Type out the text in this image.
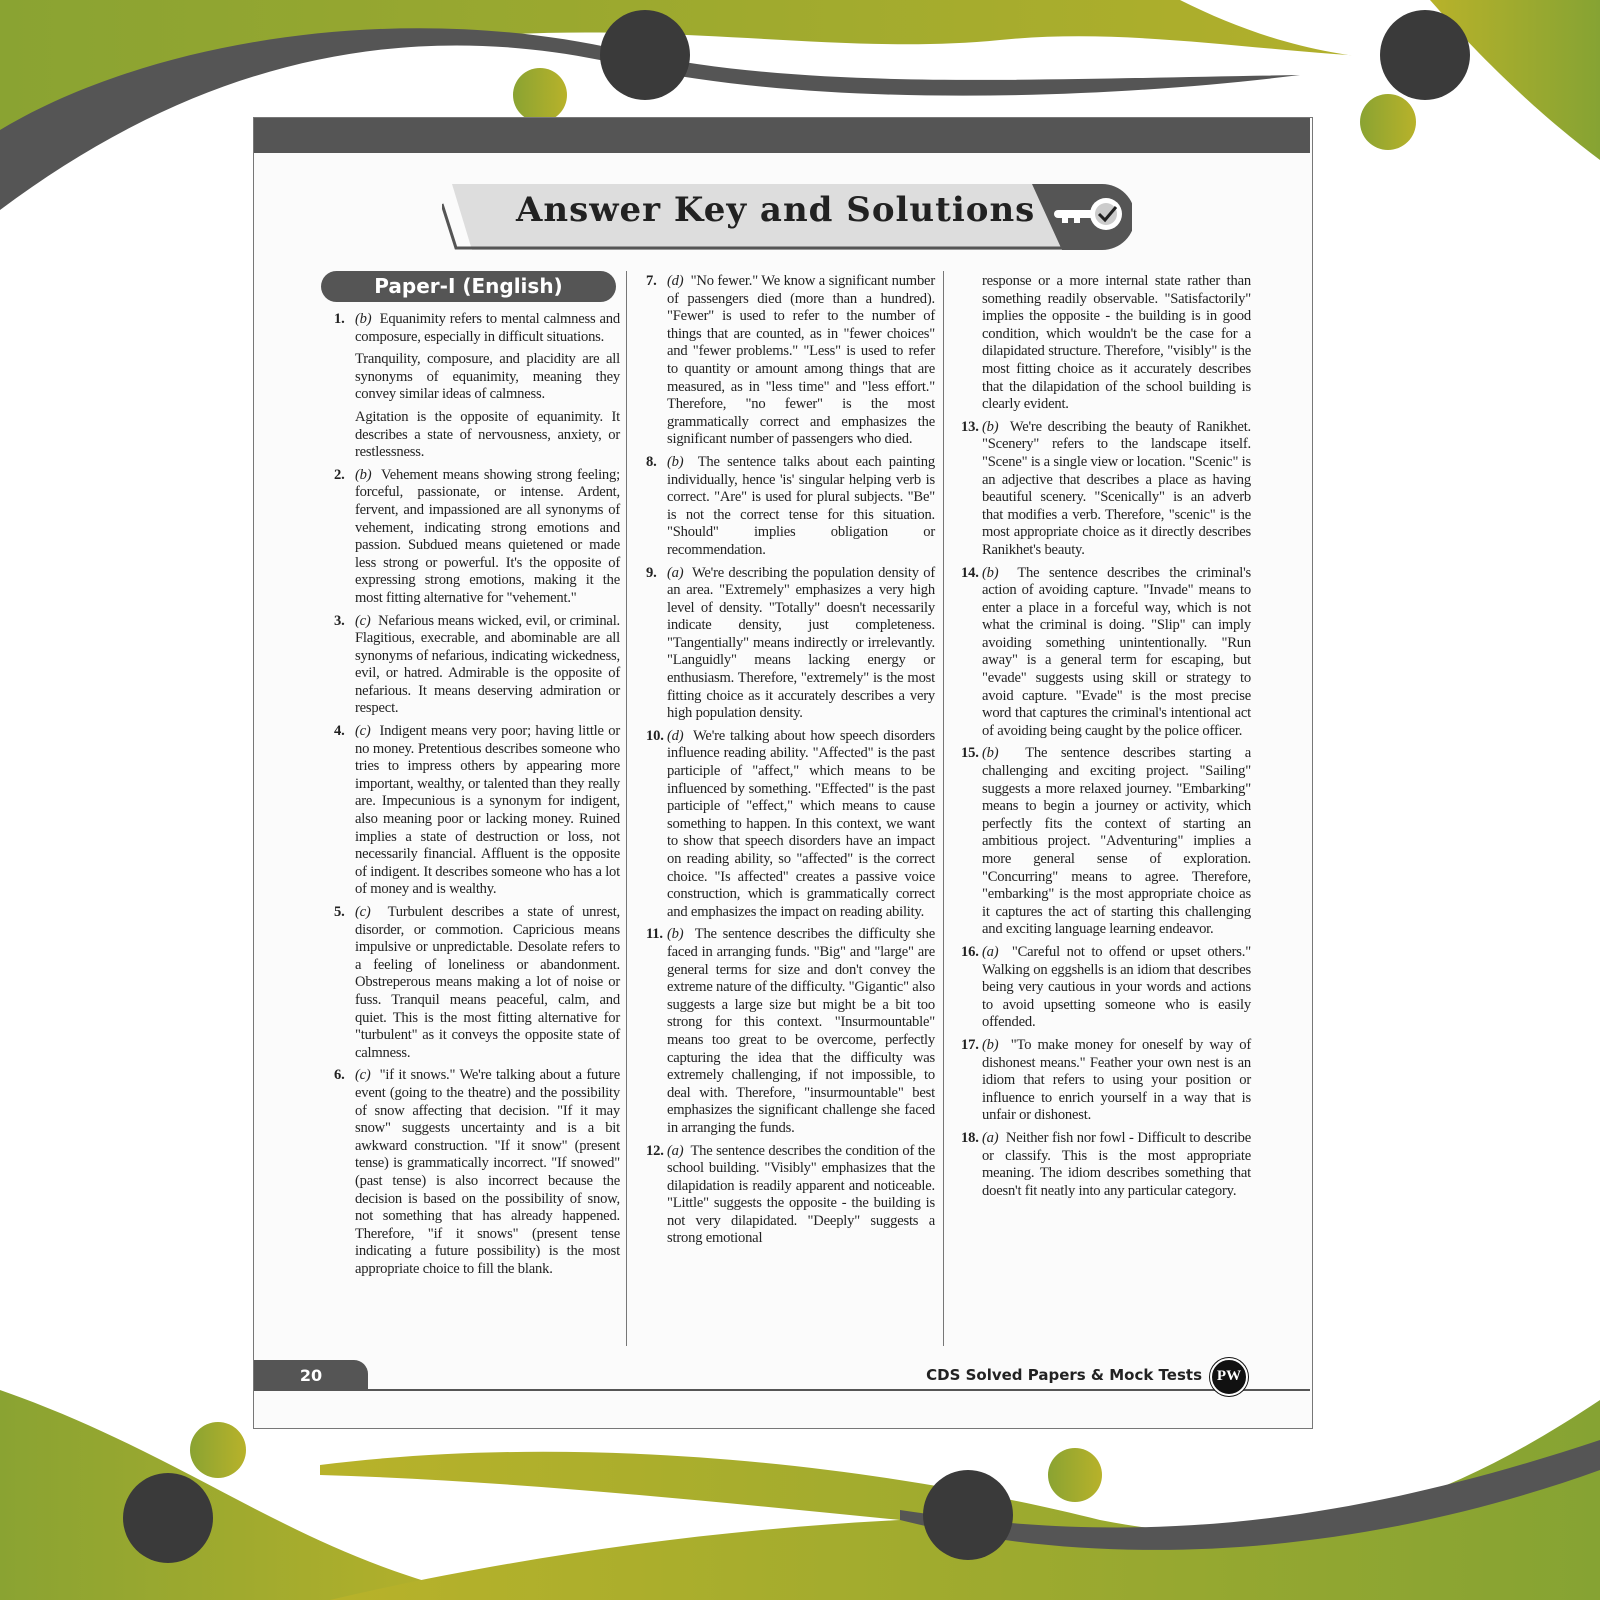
Answer Key and Solutions
Paper-I (English)
1. (b) Equanimity refers to mental calmness and composure, especially in difficult situations.

Tranquility, composure, and placidity are all synonyms of equanimity, meaning they convey similar ideas of calmness.

Agitation is the opposite of equanimity. It describes a state of nervousness, anxiety, or restlessness.

2. (b) Vehement means showing strong feeling; forceful, passionate, or intense. Ardent, fervent, and impassioned are all synonyms of vehement, indicating strong emotions and passion. Subdued means quietened or made less strong or powerful. It's the opposite of expressing strong emotions, making it the most fitting alternative for "vehement."

3. (c) Nefarious means wicked, evil, or criminal. Flagitious, execrable, and abominable are all synonyms of nefarious, indicating wickedness, evil, or hatred. Admirable is the opposite of nefarious. It means deserving admiration or respect.

4. (c) Indigent means very poor; having little or no money. Pretentious describes someone who tries to impress others by appearing more important, wealthy, or talented than they really are. Impecunious is a synonym for indigent, also meaning poor or lacking money. Ruined implies a state of destruction or loss, not necessarily financial. Affluent is the opposite of indigent. It describes someone who has a lot of money and is wealthy.

5. (c) Turbulent describes a state of unrest, disorder, or commotion. Capricious means impulsive or unpredictable. Desolate refers to a feeling of loneliness or abandonment. Obstreperous means making a lot of noise or fuss. Tranquil means peaceful, calm, and quiet. This is the most fitting alternative for "turbulent" as it conveys the opposite state of calmness.

6. (c) "if it snows." We're talking about a future event (going to the theatre) and the possibility of snow affecting that decision. "If it may snow" suggests uncertainty and is a bit awkward construction. "If it snow" (present tense) is grammatically incorrect. "If snowed" (past tense) is also incorrect because the decision is based on the possibility of snow, not something that has already happened. Therefore, "if it snows" (present tense indicating a future possibility) is the most appropriate choice to fill the blank.

7. (d) "No fewer." We know a significant number of passengers died (more than a hundred). "Fewer" is used to refer to the number of things that are counted, as in "fewer choices" and "fewer problems." "Less" is used to refer to quantity or amount among things that are measured, as in "less time" and "less effort." Therefore, "no fewer" is the most grammatically correct and emphasizes the significant number of passengers who died.

8. (b) The sentence talks about each painting individually, hence 'is' singular helping verb is correct. "Are" is used for plural subjects. "Be" is not the correct tense for this situation. "Should" implies obligation or recommendation.

9. (a) We're describing the population density of an area. "Extremely" emphasizes a very high level of density. "Totally" doesn't necessarily indicate density, just completeness. "Tangentially" means indirectly or irrelevantly. "Languidly" means lacking energy or enthusiasm. Therefore, "extremely" is the most fitting choice as it accurately describes a very high population density.

10. (d) We're talking about how speech disorders influence reading ability. "Affected" is the past participle of "affect," which means to be influenced by something. "Effected" is the past participle of "effect," which means to cause something to happen. In this context, we want to show that speech disorders have an impact on reading ability, so "affected" is the correct choice. "Is affected" creates a passive voice construction, which is grammatically correct and emphasizes the impact on reading ability.

11. (b) The sentence describes the difficulty she faced in arranging funds. "Big" and "large" are general terms for size and don't convey the extreme nature of the difficulty. "Gigantic" also suggests a large size but might be a bit too strong for this context. "Insurmountable" means too great to be overcome, perfectly capturing the idea that the difficulty was extremely challenging, if not impossible, to deal with. Therefore, "insurmountable" best emphasizes the significant challenge she faced in arranging the funds.

12. (a) The sentence describes the condition of the school building. "Visibly" emphasizes that the dilapidation is readily apparent and noticeable. "Little" suggests the opposite - the building is not very dilapidated. "Deeply" suggests a strong emotional

response or a more internal state rather than something readily observable. "Satisfactorily" implies the opposite - the building is in good condition, which wouldn't be the case for a dilapidated structure. Therefore, "visibly" is the most fitting choice as it accurately describes that the dilapidation of the school building is clearly evident.

13. (b) We're describing the beauty of Ranikhet. "Scenery" refers to the landscape itself. "Scene" is a single view or location. "Scenic" is an adjective that describes a place as having beautiful scenery. "Scenically" is an adverb that modifies a verb. Therefore, "scenic" is the most appropriate choice as it directly describes Ranikhet's beauty.

14. (b) The sentence describes the criminal's action of avoiding capture. "Invade" means to enter a place in a forceful way, which is not what the criminal is doing. "Slip" can imply avoiding something unintentionally. "Run away" is a general term for escaping, but "evade" suggests using skill or strategy to avoid capture. "Evade" is the most precise word that captures the criminal's intentional act of avoiding being caught by the police officer.

15. (b) The sentence describes starting a challenging and exciting project. "Sailing" suggests a more relaxed journey. "Embarking" means to begin a journey or activity, which perfectly fits the context of starting an ambitious project. "Adventuring" implies a more general sense of exploration. "Concurring" means to agree. Therefore, "embarking" is the most appropriate choice as it captures the act of starting this challenging and exciting language learning endeavor.

16. (a) "Careful not to offend or upset others." Walking on eggshells is an idiom that describes being very cautious in your words and actions to avoid upsetting someone who is easily offended.

17. (b) "To make money for oneself by way of dishonest means." Feather your own nest is an idiom that refers to using your position or influence to enrich yourself in a way that is unfair or dishonest.

18. (a) Neither fish nor fowl - Difficult to describe or classify. This is the most appropriate meaning. The idiom describes something that doesn't fit neatly into any particular category.

20	CDS Solved Papers & Mock Tests PW
